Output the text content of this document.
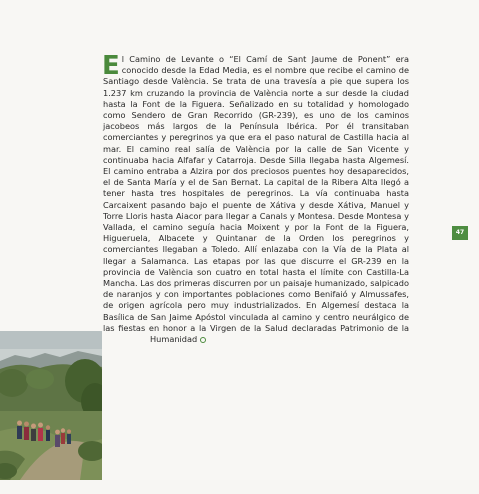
E l Camino de Levante o “El Camí de Sant Jaume de Ponent” era conocido desde la Edad Media, es el nombre que recibe el camino de Santiago desde València. Se trata de una travesía a pie que supera los 1.237 km cruzando la provincia de València norte a sur desde la ciudad hasta la Font de la Figuera. Señalizado en su totalidad y homologado como Sendero de Gran Recorrido (GR-239), es uno de los caminos jacobeos más largos de la Península Ibérica. Por él transitaban comerciantes y peregrinos ya que era el paso natural de Castilla hacia al mar. El camino real salía de València por la calle de San Vicente y continuaba hacia Alfafar y Catarroja. Desde Silla llegaba hasta Algemesí. El camino entraba a Alzira por dos preciosos puentes hoy desaparecidos, el de Santa María y el de San Bernat. La capital de la Ribera Alta llegó a tener hasta tres hospitales de peregrinos. La vía continuaba hasta Carcaixent pasando bajo el puente de Xátiva y desde Xátiva, Manuel y Torre Lloris hasta Aiacor para llegar a Canals y Montesa. Desde Montesa y Vallada, el camino seguía hacia Moixent y por la Font de la Figuera, Higueruela, Albacete y Quintanar de la Orden los peregrinos y comerciantes llegaban a Toledo. Allí enlazaba con la Vía de la Plata al llegar a Salamanca. Las etapas por las que discurre el GR-239 en la provincia de València son cuatro en total hasta el límite con Castilla-La Mancha. Las dos primeras discurren por un paisaje humanizado, salpicado de naranjos y con importantes poblaciones como Benifaió y Almussafes, de origen agrícola pero muy industrializados. En Algemesí destaca la Basílica de San Jaime Apóstol vinculada al camino y centro neurálgico de las fiestas en honor a la Virgen de la Salud declaradas Patrimonio de la Humanidad

47
